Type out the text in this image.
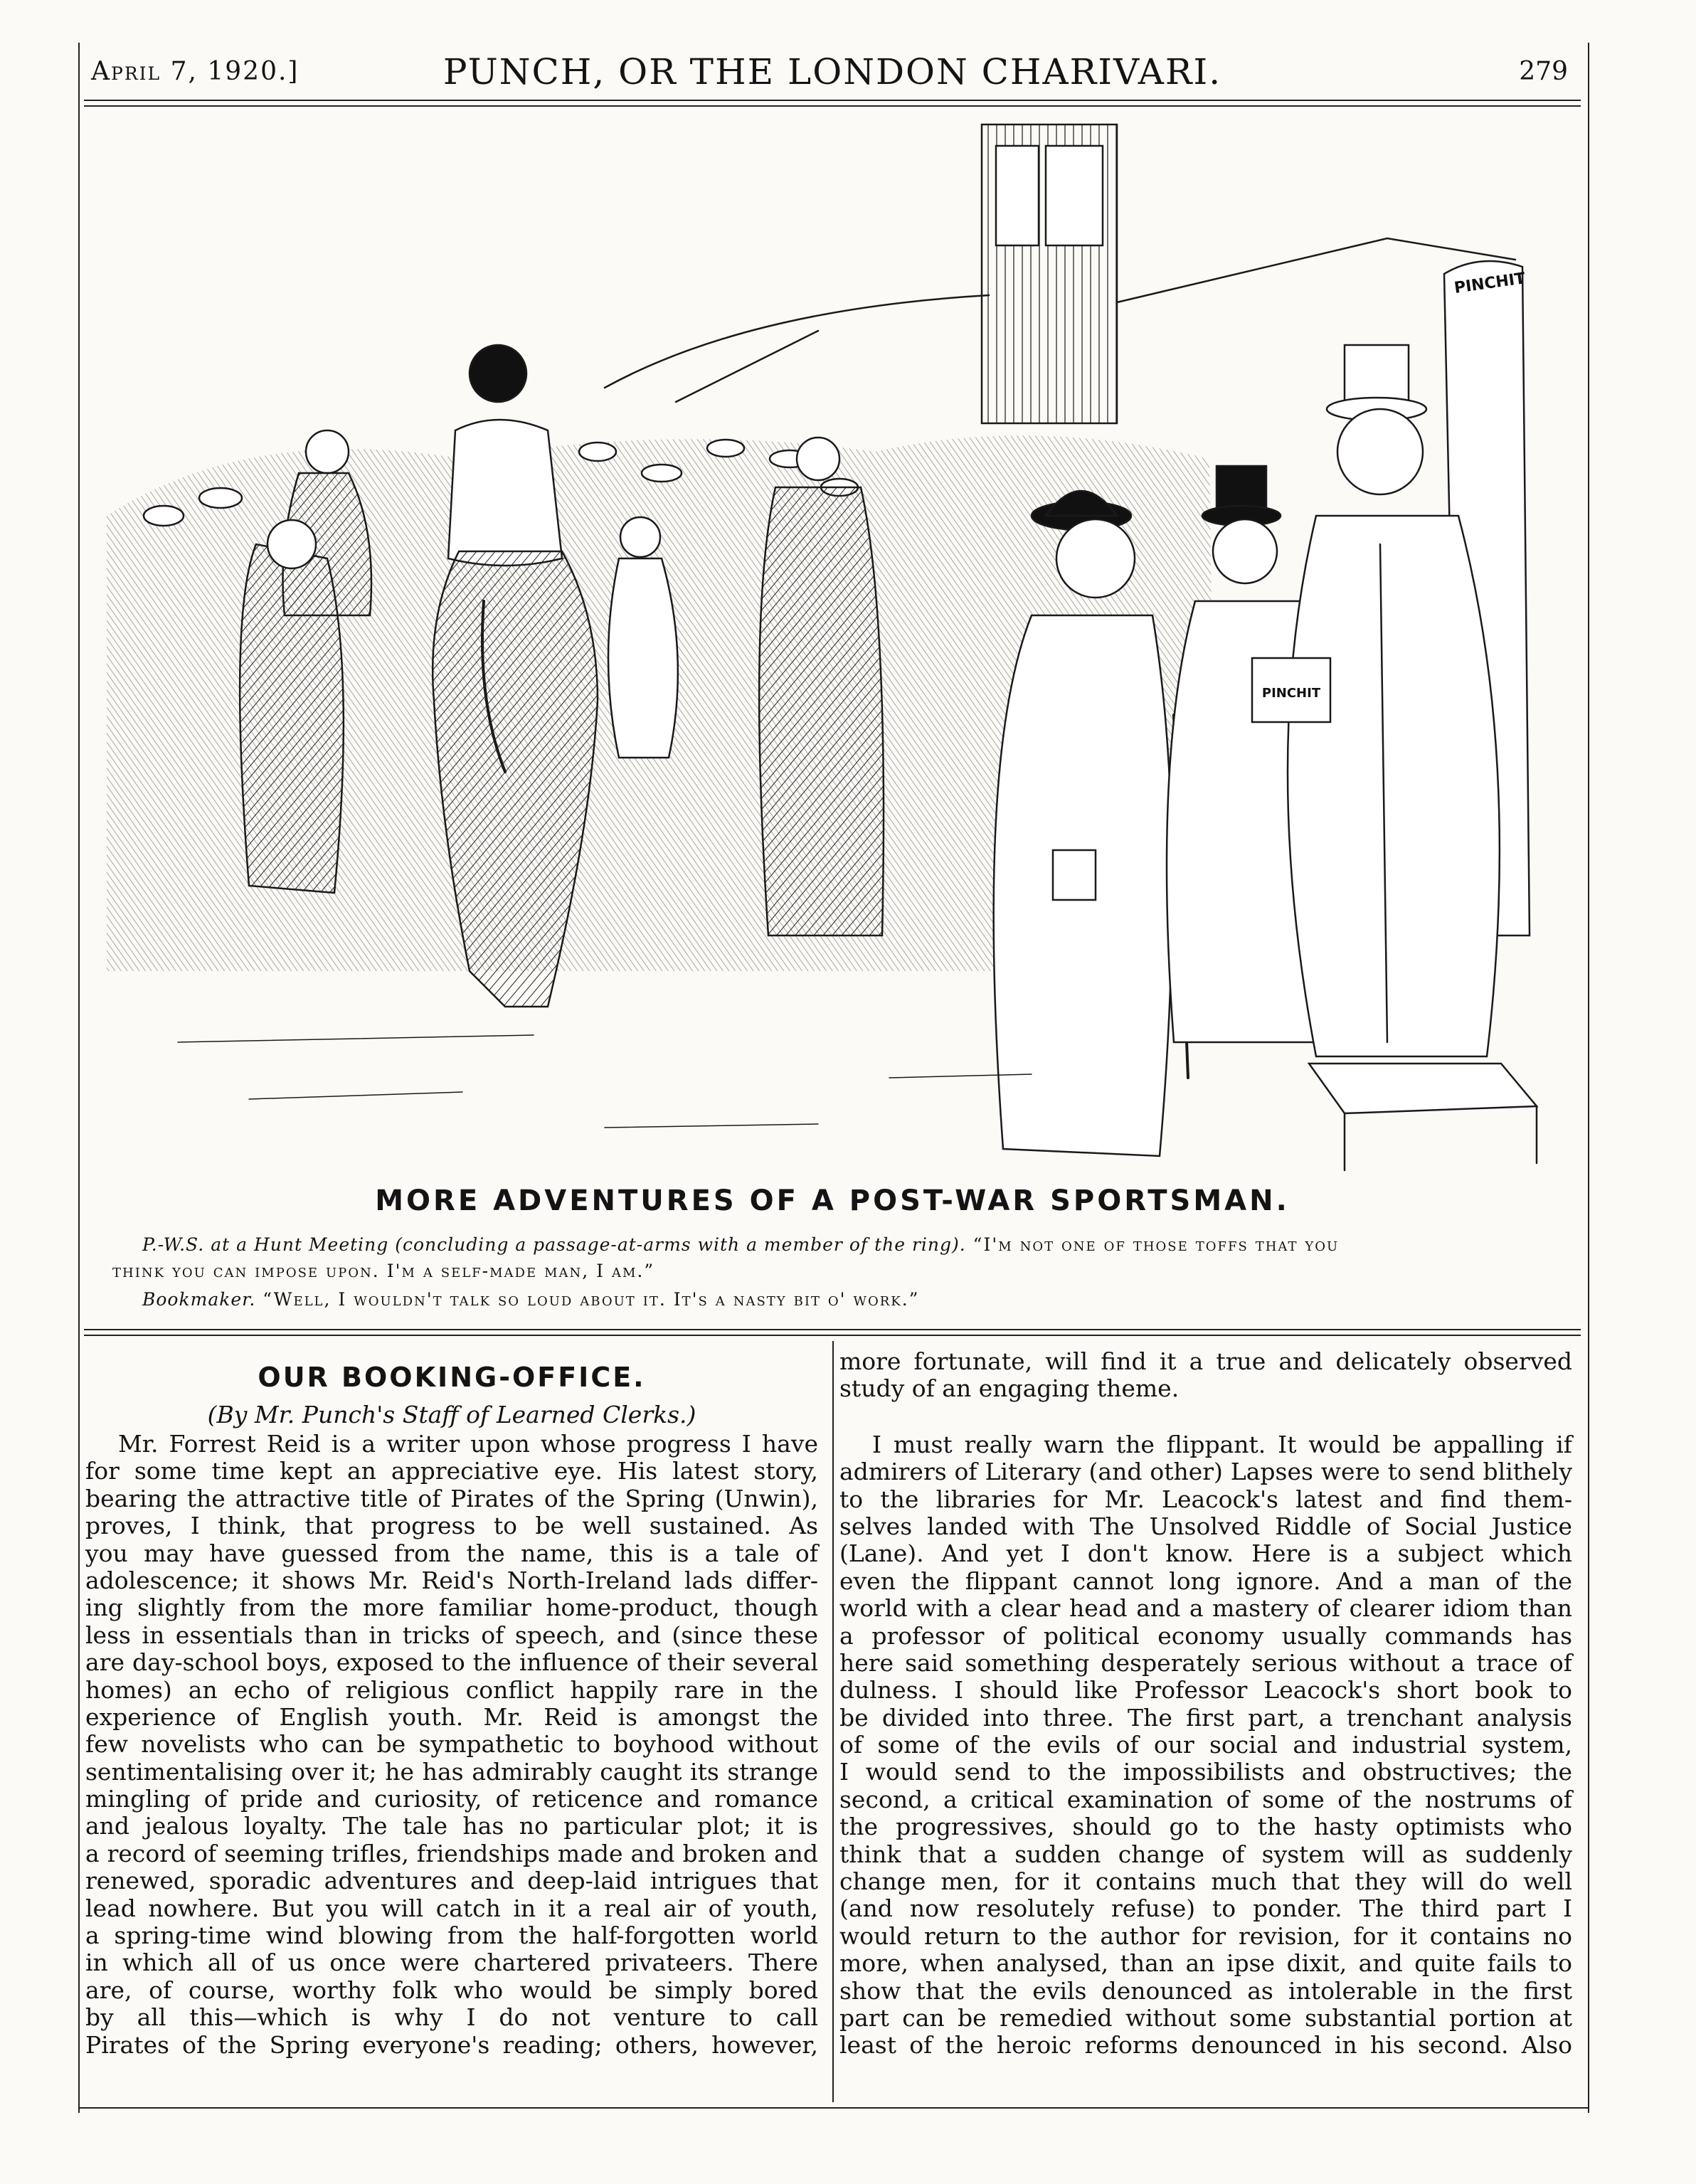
April 7, 1920.]	PUNCH, OR THE LONDON CHARIVARI.	279
PINCHIT
PINCHIT
MORE ADVENTURES OF A POST-WAR SPORTSMAN.
P.-W.S. at a Hunt Meeting (concluding a passage-at-arms with a member of the ring). “I'm not one of those toffs that you
think you can impose upon. I'm a self-made man, I am.”
Bookmaker. “Well, I wouldn't talk so loud about it. It's a nasty bit o' work.”
OUR BOOKING-OFFICE.
(By Mr. Punch's Staff of Learned Clerks.)
Mr. Forrest Reid is a writer upon whose progress I have
for some time kept an appreciative eye. His latest story,
bearing the attractive title of Pirates of the Spring (Unwin),
proves, I think, that progress to be well sustained. As
you may have guessed from the name, this is a tale of
adolescence; it shows Mr. Reid's North-Ireland lads differ-
ing slightly from the more familiar home-product, though
less in essentials than in tricks of speech, and (since these
are day-school boys, exposed to the influence of their several
homes) an echo of religious conflict happily rare in the
experience of English youth. Mr. Reid is amongst the
few novelists who can be sympathetic to boyhood without
sentimentalising over it; he has admirably caught its strange
mingling of pride and curiosity, of reticence and romance
and jealous loyalty. The tale has no particular plot; it is
a record of seeming trifles, friendships made and broken and
renewed, sporadic adventures and deep-laid intrigues that
lead nowhere. But you will catch in it a real air of youth,
a spring-time wind blowing from the half-forgotten world
in which all of us once were chartered privateers. There
are, of course, worthy folk who would be simply bored
by all this—which is why I do not venture to call
Pirates of the Spring everyone's reading; others, however,
more fortunate, will find it a true and delicately observed
study of an engaging theme.
I must really warn the flippant. It would be appalling if
admirers of Literary (and other) Lapses were to send blithely
to the libraries for Mr. Leacock's latest and find them-
selves landed with The Unsolved Riddle of Social Justice
(Lane). And yet I don't know. Here is a subject which
even the flippant cannot long ignore. And a man of the
world with a clear head and a mastery of clearer idiom than
a professor of political economy usually commands has
here said something desperately serious without a trace of
dulness. I should like Professor Leacock's short book to
be divided into three. The first part, a trenchant analysis
of some of the evils of our social and industrial system,
I would send to the impossibilists and obstructives; the
second, a critical examination of some of the nostrums of
the progressives, should go to the hasty optimists who
think that a sudden change of system will as suddenly
change men, for it contains much that they will do well
(and now resolutely refuse) to ponder. The third part I
would return to the author for revision, for it contains no
more, when analysed, than an ipse dixit, and quite fails to
show that the evils denounced as intolerable in the first
part can be remedied without some substantial portion at
least of the heroic reforms denounced in his second. Also
